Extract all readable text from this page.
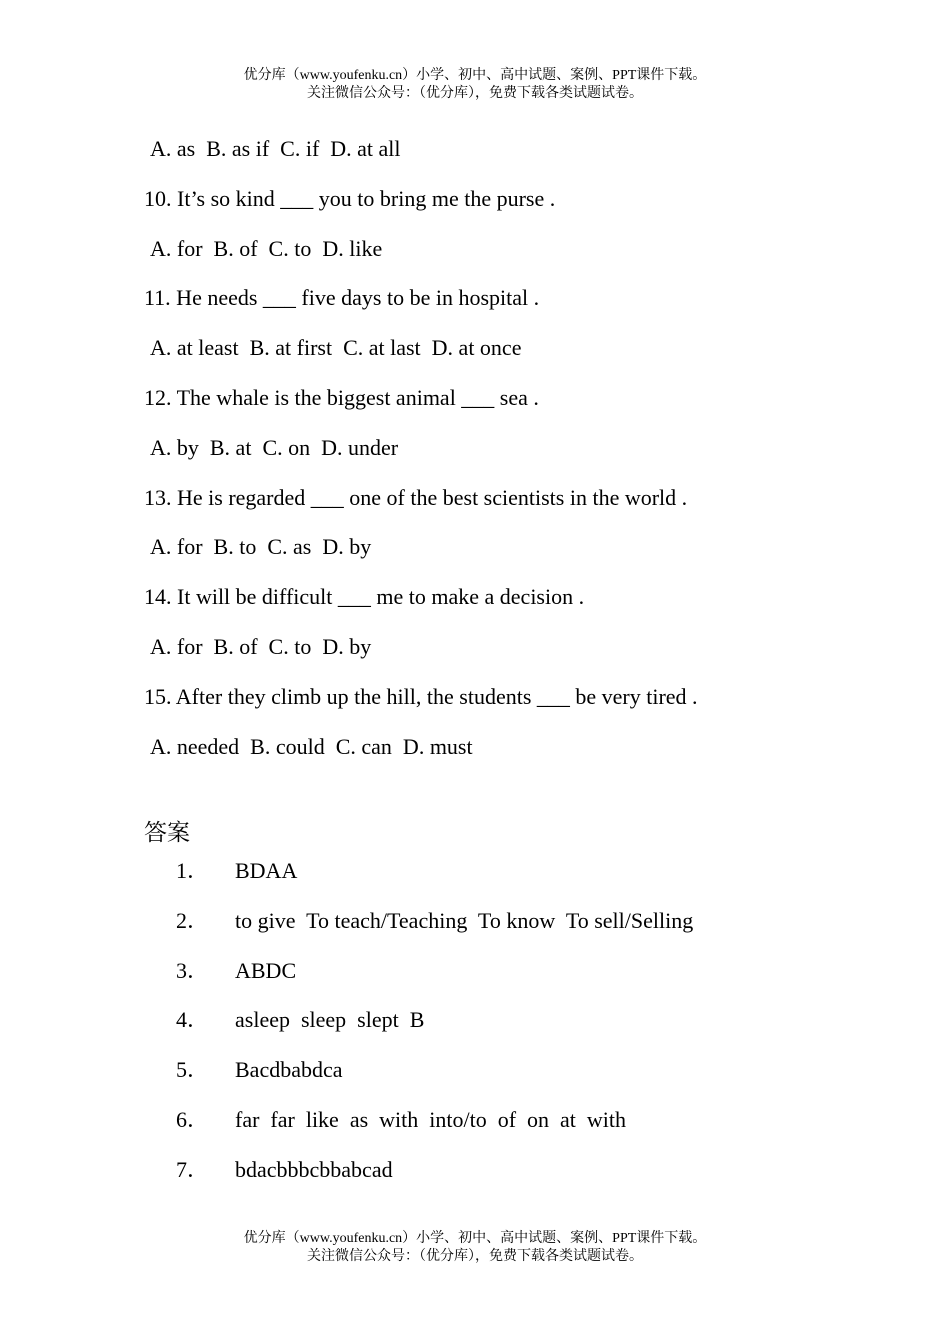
优分库（www.youfenku.cn）小学、初中、高中试题、案例、PPT课件下载。
关注微信公众号：（优分库），免费下载各类试题试卷。
A. as  B. as if  C. if  D. at all
10. It’s so kind ___ you to bring me the purse .
A. for  B. of  C. to  D. like
11. He needs ___ five days to be in hospital .
A. at least  B. at first  C. at last  D. at once
12. The whale is the biggest animal ___ sea .
A. by  B. at  C. on  D. under
13. He is regarded ___ one of the best scientists in the world .
A. for  B. to  C. as  D. by
14. It will be difficult ___ me to make a decision .
A. for  B. of  C. to  D. by
15. After they climb up the hill, the students ___ be very tired .
A. needed  B. could  C. can  D. must
答案

1．

BDAA

2．

to give  To teach/Teaching  To know  To sell/Selling

3．

ABDC

4．

asleep  sleep  slept  B

5．

Bacdbabdca

6．

far  far  like  as  with  into/to  of  on  at  with

7．

bdacbbbcbbabcad

优分库（www.youfenku.cn）小学、初中、高中试题、案例、PPT课件下载。
关注微信公众号：（优分库），免费下载各类试题试卷。
